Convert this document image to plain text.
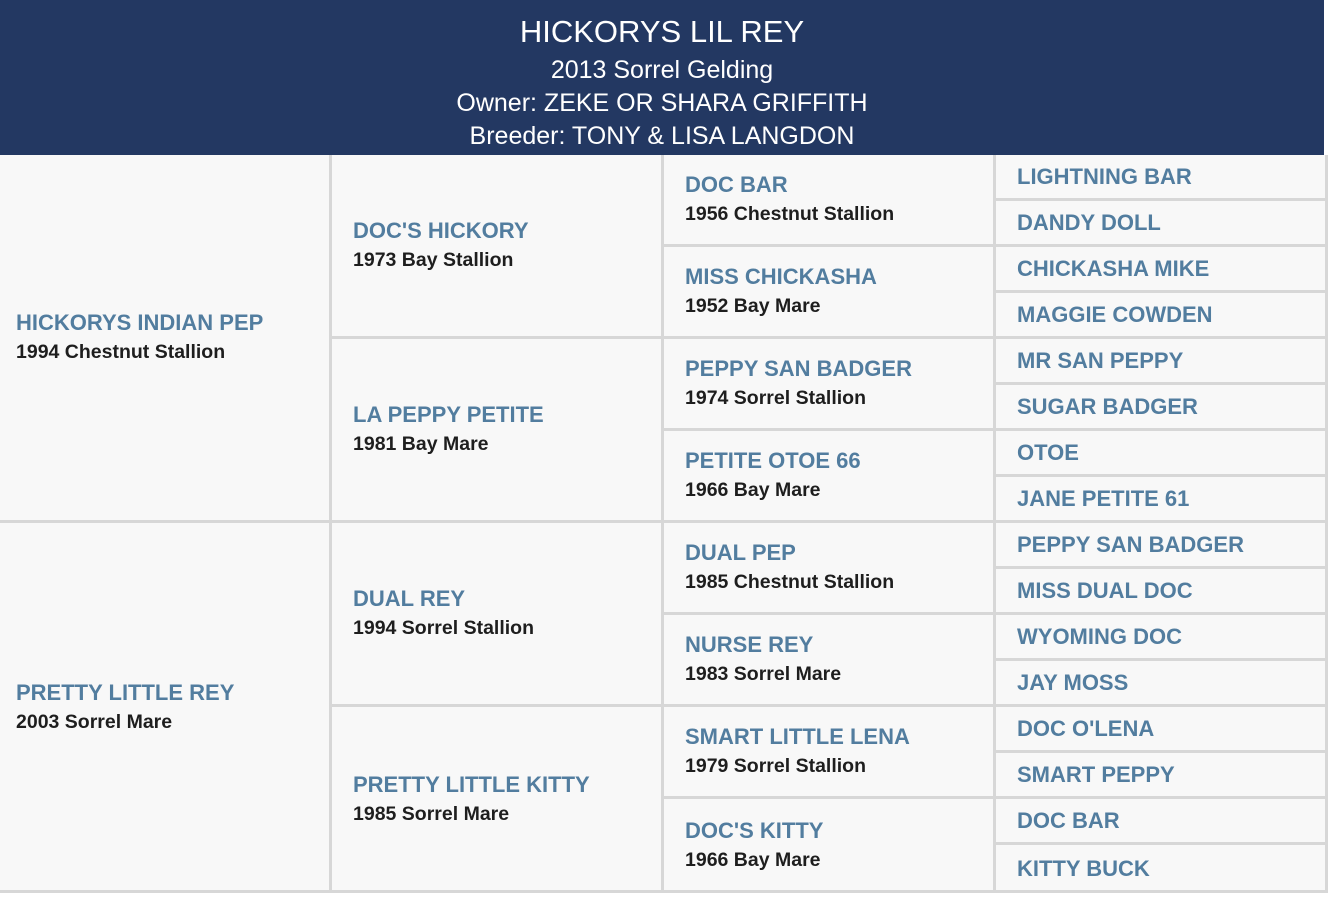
HICKORYS LIL REY
2013 Sorrel Gelding
Owner: ZEKE OR SHARA GRIFFITH
Breeder: TONY & LISA LANGDON
HICKORYS INDIAN PEP
1994 Chestnut Stallion
PRETTY LITTLE REY
2003 Sorrel Mare
DOC'S HICKORY
1973 Bay Stallion
LA PEPPY PETITE
1981 Bay Mare
DUAL REY
1994 Sorrel Stallion
PRETTY LITTLE KITTY
1985 Sorrel Mare
DOC BAR
1956 Chestnut Stallion
MISS CHICKASHA
1952 Bay Mare
PEPPY SAN BADGER
1974 Sorrel Stallion
PETITE OTOE 66
1966 Bay Mare
DUAL PEP
1985 Chestnut Stallion
NURSE REY
1983 Sorrel Mare
SMART LITTLE LENA
1979 Sorrel Stallion
DOC'S KITTY
1966 Bay Mare
LIGHTNING BAR
DANDY DOLL
CHICKASHA MIKE
MAGGIE COWDEN
MR SAN PEPPY
SUGAR BADGER
OTOE
JANE PETITE 61
PEPPY SAN BADGER
MISS DUAL DOC
WYOMING DOC
JAY MOSS
DOC O'LENA
SMART PEPPY
DOC BAR
KITTY BUCK
